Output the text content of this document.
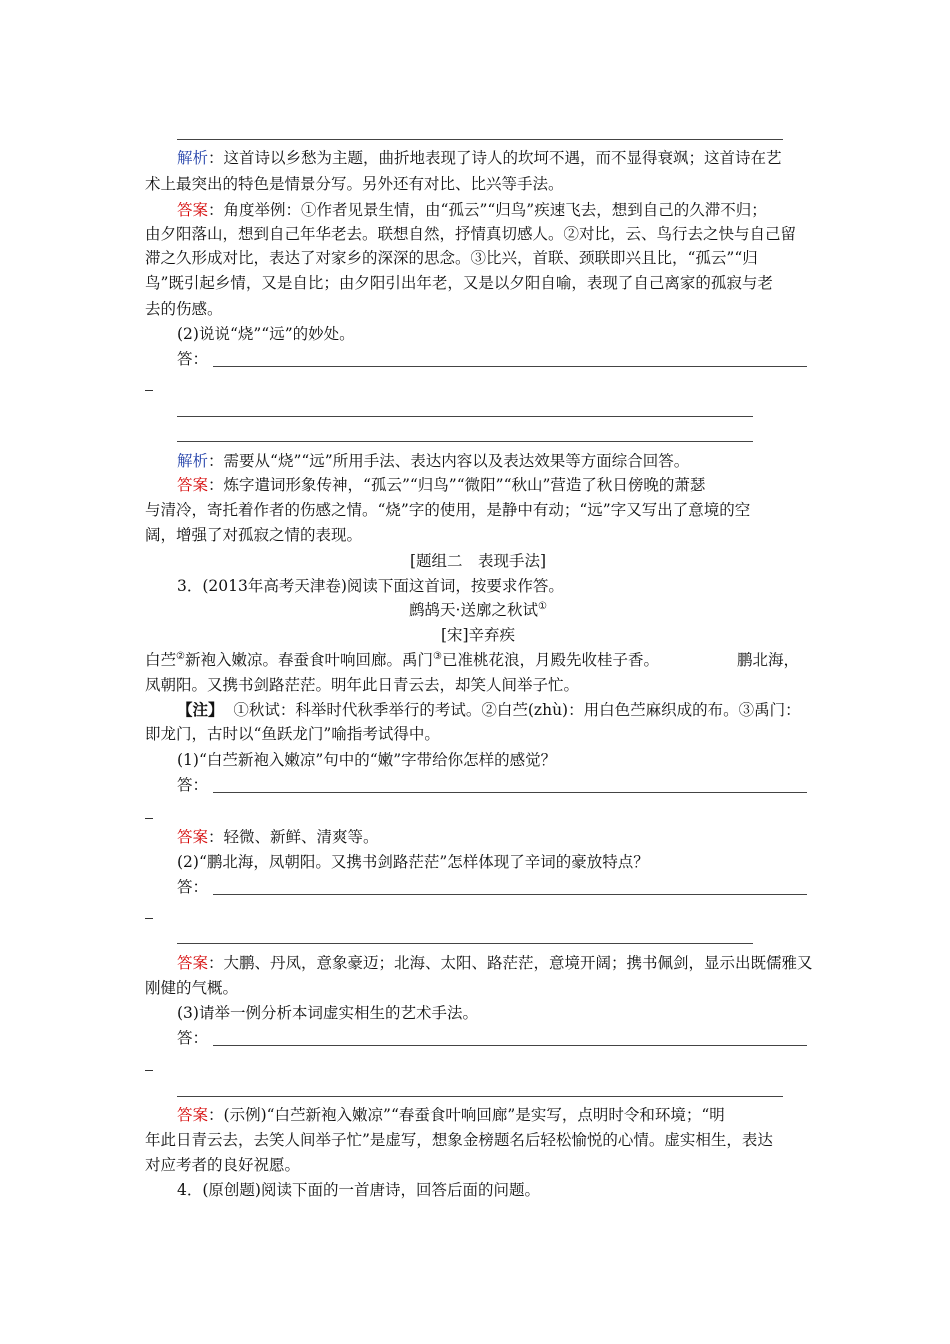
解析：这首诗以乡愁为主题，曲折地表现了诗人的坎坷不遇，而不显得衰飒；这首诗在艺
术上最突出的特色是情景分写。另外还有对比、比兴等手法。
答案：角度举例：①作者见景生情，由“孤云”“归鸟”疾速飞去，想到自己的久滞不归；
由夕阳落山，想到自己年华老去。联想自然，抒情真切感人。②对比，云、鸟行去之快与自己留
滞之久形成对比，表达了对家乡的深深的思念。③比兴，首联、颈联即兴且比，“孤云”“归
鸟”既引起乡情，又是自比；由夕阳引出年老，又是以夕阳自喻，表现了自己离家的孤寂与老
去的伤感。
(2)说说“烧”“远”的妙处。
答：
解析：需要从“烧”“远”所用手法、表达内容以及表达效果等方面综合回答。
答案：炼字遣词形象传神，“孤云”“归鸟”“微阳”“秋山”营造了秋日傍晚的萧瑟
与清冷，寄托着作者的伤感之情。“烧”字的使用，是静中有动；“远”字又写出了意境的空
阔，增强了对孤寂之情的表现。
[题组二　表现手法]
3．(2013年高考天津卷)阅读下面这首词，按要求作答。
鹧鸪天·送廓之秋试①
[宋]辛弃疾
白苎②新袍入嫩凉。春蚕食叶响回廊。禹门③已准桃花浪，月殿先收桂子香。	鹏北海，
凤朝阳。又携书剑路茫茫。明年此日青云去，却笑人间举子忙。
【注】 ①秋试：科举时代秋季举行的考试。②白苎(zhù)：用白色苎麻织成的布。③禹门：
即龙门，古时以“鱼跃龙门”喻指考试得中。
(1)“白苎新袍入嫩凉”句中的“嫩”字带给你怎样的感觉？
答：
答案：轻微、新鲜、清爽等。
(2)“鹏北海，凤朝阳。又携书剑路茫茫”怎样体现了辛词的豪放特点？
答：
答案：大鹏、丹凤，意象豪迈；北海、太阳、路茫茫，意境开阔；携书佩剑，显示出既儒雅又
刚健的气概。
(3)请举一例分析本词虚实相生的艺术手法。
答：
答案：(示例)“白苎新袍入嫩凉”“春蚕食叶响回廊”是实写，点明时令和环境；“明
年此日青云去，去笑人间举子忙”是虚写，想象金榜题名后轻松愉悦的心情。虚实相生，表达
对应考者的良好祝愿。
4．(原创题)阅读下面的一首唐诗，回答后面的问题。
